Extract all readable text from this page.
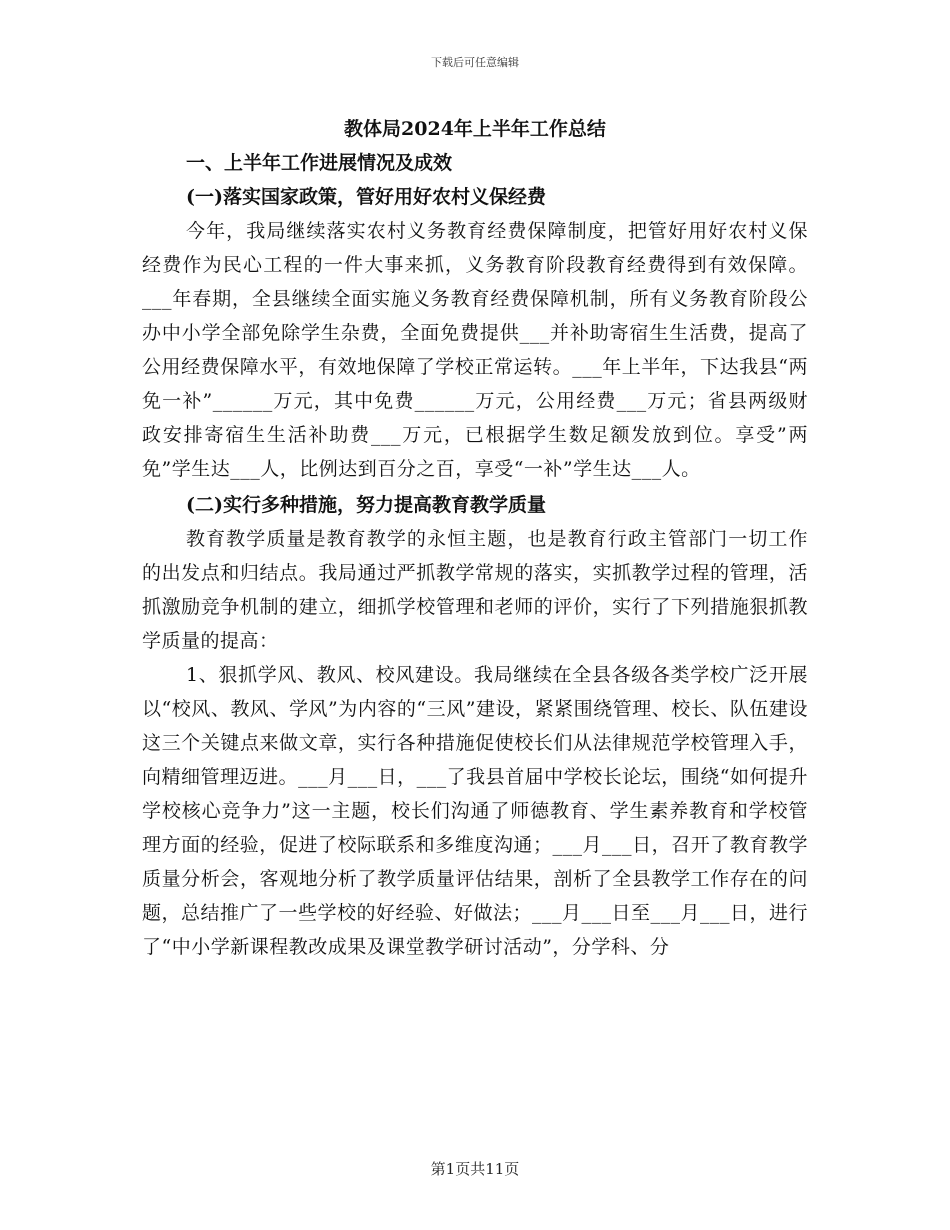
下载后可任意编辑

教体局2024年上半年工作总结

一、上半年工作进展情况及成效

(一)落实国家政策，管好用好农村义保经费

今年，我局继续落实农村义务教育经费保障制度，把管好用好农村义保经费作为民心工程的一件大事来抓，义务教育阶段教育经费得到有效保障。___年春期，全县继续全面实施义务教育经费保障机制，所有义务教育阶段公办中小学全部免除学生杂费，全面免费提供___并补助寄宿生生活费，提高了公用经费保障水平，有效地保障了学校正常运转。___年上半年，下达我县“两免一补”______万元，其中免费______万元，公用经费___万元；省县两级财政安排寄宿生生活补助费___万元，已根据学生数足额发放到位。享受”两免”学生达___人，比例达到百分之百，享受“一补”学生达___人。

(二)实行多种措施，努力提高教育教学质量

教育教学质量是教育教学的永恒主题，也是教育行政主管部门一切工作的出发点和归结点。我局通过严抓教学常规的落实，实抓教学过程的管理，活抓激励竞争机制的建立，细抓学校管理和老师的评价，实行了下列措施狠抓教学质量的提高：

1、狠抓学风、教风、校风建设。我局继续在全县各级各类学校广泛开展以“校风、教风、学风”为内容的“三风”建设，紧紧围绕管理、校长、队伍建设这三个关键点来做文章，实行各种措施促使校长们从法律规范学校管理入手，向精细管理迈进。___月___日，___了我县首届中学校长论坛，围绕“如何提升学校核心竞争力”这一主题，校长们沟通了师德教育、学生素养教育和学校管理方面的经验，促进了校际联系和多维度沟通；___月___日，召开了教育教学质量分析会，客观地分析了教学质量评估结果，剖析了全县教学工作存在的问题，总结推广了一些学校的好经验、好做法；___月___日至___月___日，进行了“中小学新课程教改成果及课堂教学研讨活动”，分学科、分

第1页共11页
